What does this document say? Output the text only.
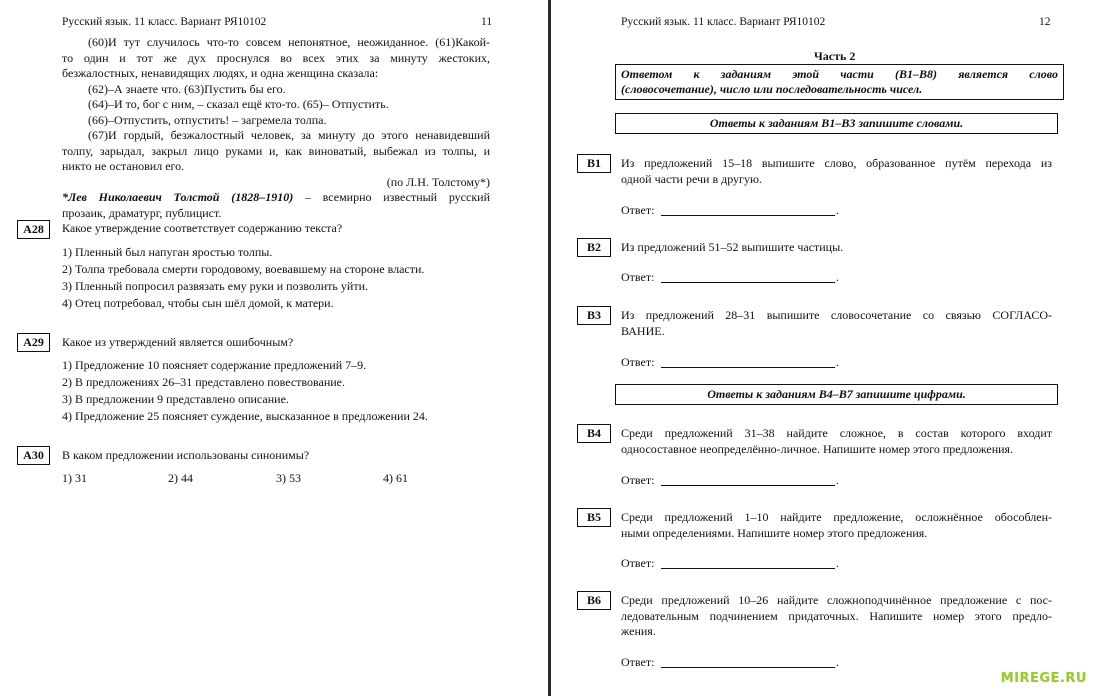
Русский язык. 11 класс. Вариант РЯ10102	11
(60)И тут случилось что-то совсем непонятное, неожиданное. (61)Какой-
то один и тот же дух проснулся во всех этих за минуту жестоких,
безжалостных, ненавидящих людях, и одна женщина сказала:
(62)–А знаете что. (63)Пустить бы его.
(64)–И то, бог с ним, – сказал ещё кто-то. (65)– Отпустить.
(66)–Отпустить, отпустить! – загремела толпа.
(67)И гордый, безжалостный человек, за минуту до этого ненавидевший
толпу, зарыдал, закрыл лицо руками и, как виноватый, выбежал из толпы, и
никто не остановил его.
(по Л.Н. Толстому*)
*Лев Николаевич Толстой (1828–1910) – всемирно известный русский
прозаик, драматург, публицист.
A28	Какое утверждение соответствует содержанию текста?
1) Пленный был напуган яростью толпы.
2) Толпа требовала смерти городовому, воевавшему на стороне власти.
3) Пленный попросил развязать ему руки и позволить уйти.
4) Отец потребовал, чтобы сын шёл домой, к матери.
A29	Какое из утверждений является ошибочным?
1) Предложение 10 поясняет содержание предложений 7–9.
2) В предложениях 26–31 представлено повествование.
3) В предложении 9 представлено описание.
4) Предложение 25 поясняет суждение, высказанное в предложении 24.
A30	В каком предложении использованы синонимы?
1) 31	2) 44	3) 53	4) 61
Русский язык. 11 класс. Вариант РЯ10102	12
Часть 2
Ответом к заданиям этой части (В1–В8) является слово
(словосочетание), число или последовательность чисел.
Ответы к заданиям В1–В3 запишите словами.
B1	Из предложений 15–18 выпишите слово, образованное путём перехода из
одной части речи в другую.
Ответ:	.
B2	Из предложений 51–52 выпишите частицы.
Ответ:	.
B3	Из предложений 28–31 выпишите словосочетание со связью СОГЛАСО-
ВАНИЕ.
Ответ:	.
Ответы к заданиям В4–В7 запишите цифрами.
B4	Среди предложений 31–38 найдите сложное, в состав которого входит
односоставное неопределённо-личное. Напишите номер этого предложения.
Ответ:	.
B5	Среди предложений 1–10 найдите предложение, осложнённое обособлен-
ными определениями. Напишите номер этого предложения.
Ответ:	.
B6	Среди предложений 10–26 найдите сложноподчинённое предложение с пос-
ледовательным подчинением придаточных. Напишите номер этого предло-
жения.
Ответ:	.
MIREGE.RU
